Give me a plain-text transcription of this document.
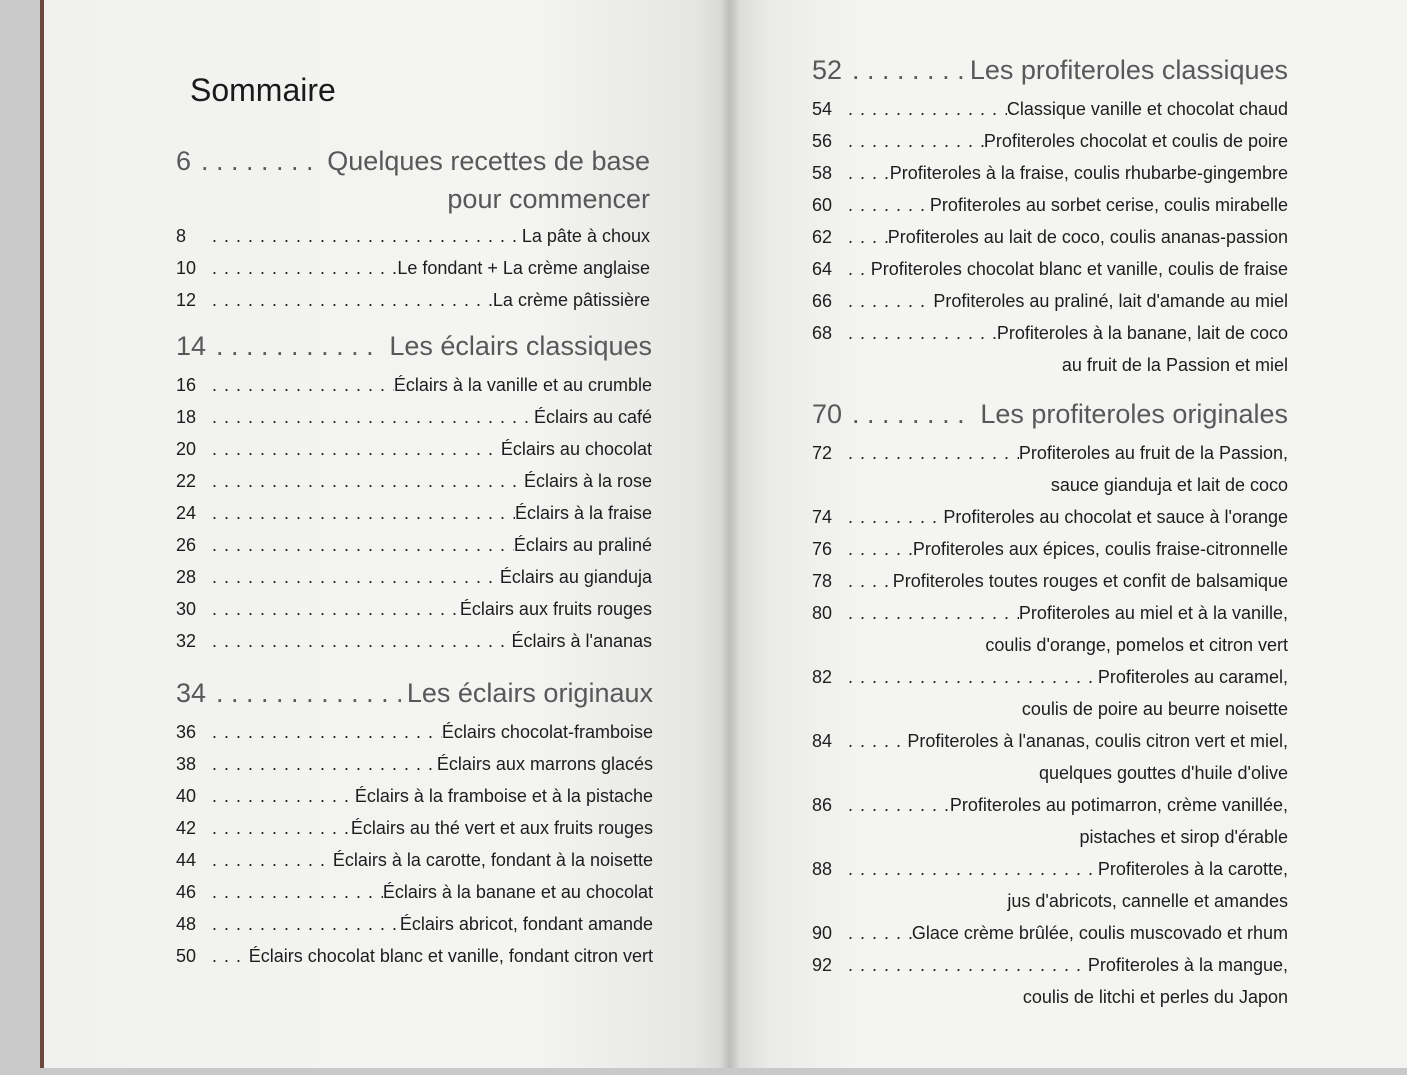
Sommaire
6 . . .	Quelques recettes de base
pour commencer
8 . . .	La pâte à choux
10 . . .	Le fondant + La crème anglaise
12 . . .	La crème pâtissière
14 . . .	Les éclairs classiques
16 . . .	Éclairs à la vanille et au crumble
18 . . .	Éclairs au café
20 . . .	Éclairs au chocolat
22 . . .	Éclairs à la rose
24 . . .	Éclairs à la fraise
26 . . .	Éclairs au praliné
28 . . .	Éclairs au gianduja
30 . . .	Éclairs aux fruits rouges
32 . . .	Éclairs à l'ananas
34 . . .	Les éclairs originaux
36 . . .	Éclairs chocolat-framboise
38 . . .	Éclairs aux marrons glacés
40 . . .	Éclairs à la framboise et à la pistache
42 . . .	Éclairs au thé vert et aux fruits rouges
44 . . .	Éclairs à la carotte, fondant à la noisette
46 . . .	Éclairs à la banane et au chocolat
48 . . .	Éclairs abricot, fondant amande
50 . . .	Éclairs chocolat blanc et vanille, fondant citron vert
52 . . .	Les profiteroles classiques
54 . . .	Classique vanille et chocolat chaud
56 . . .	Profiteroles chocolat et coulis de poire
58 . . .	Profiteroles à la fraise, coulis rhubarbe-gingembre
60 . . .	Profiteroles au sorbet cerise, coulis mirabelle
62 . . .	Profiteroles au lait de coco, coulis ananas-passion
64 . . .	Profiteroles chocolat blanc et vanille, coulis de fraise
66 . . .	Profiteroles au praliné, lait d'amande au miel
68 . . .	Profiteroles à la banane, lait de coco
au fruit de la Passion et miel
70 . . .	Les profiteroles originales
72 . . .	Profiteroles au fruit de la Passion,
sauce gianduja et lait de coco
74 . . .	Profiteroles au chocolat et sauce à l'orange
76 . . .	Profiteroles aux épices, coulis fraise-citronnelle
78 . . .	Profiteroles toutes rouges et confit de balsamique
80 . . .	Profiteroles au miel et à la vanille,
coulis d'orange, pomelos et citron vert
82 . . .	Profiteroles au caramel,
coulis de poire au beurre noisette
84 . . .	Profiteroles à l'ananas, coulis citron vert et miel,
quelques gouttes d'huile d'olive
86 . . .	Profiteroles au potimarron, crème vanillée,
pistaches et sirop d'érable
88 . . .	Profiteroles à la carotte,
jus d'abricots, cannelle et amandes
90 . . .	Glace crème brûlée, coulis muscovado et rhum
92 . . .	Profiteroles à la mangue,
coulis de litchi et perles du Japon
